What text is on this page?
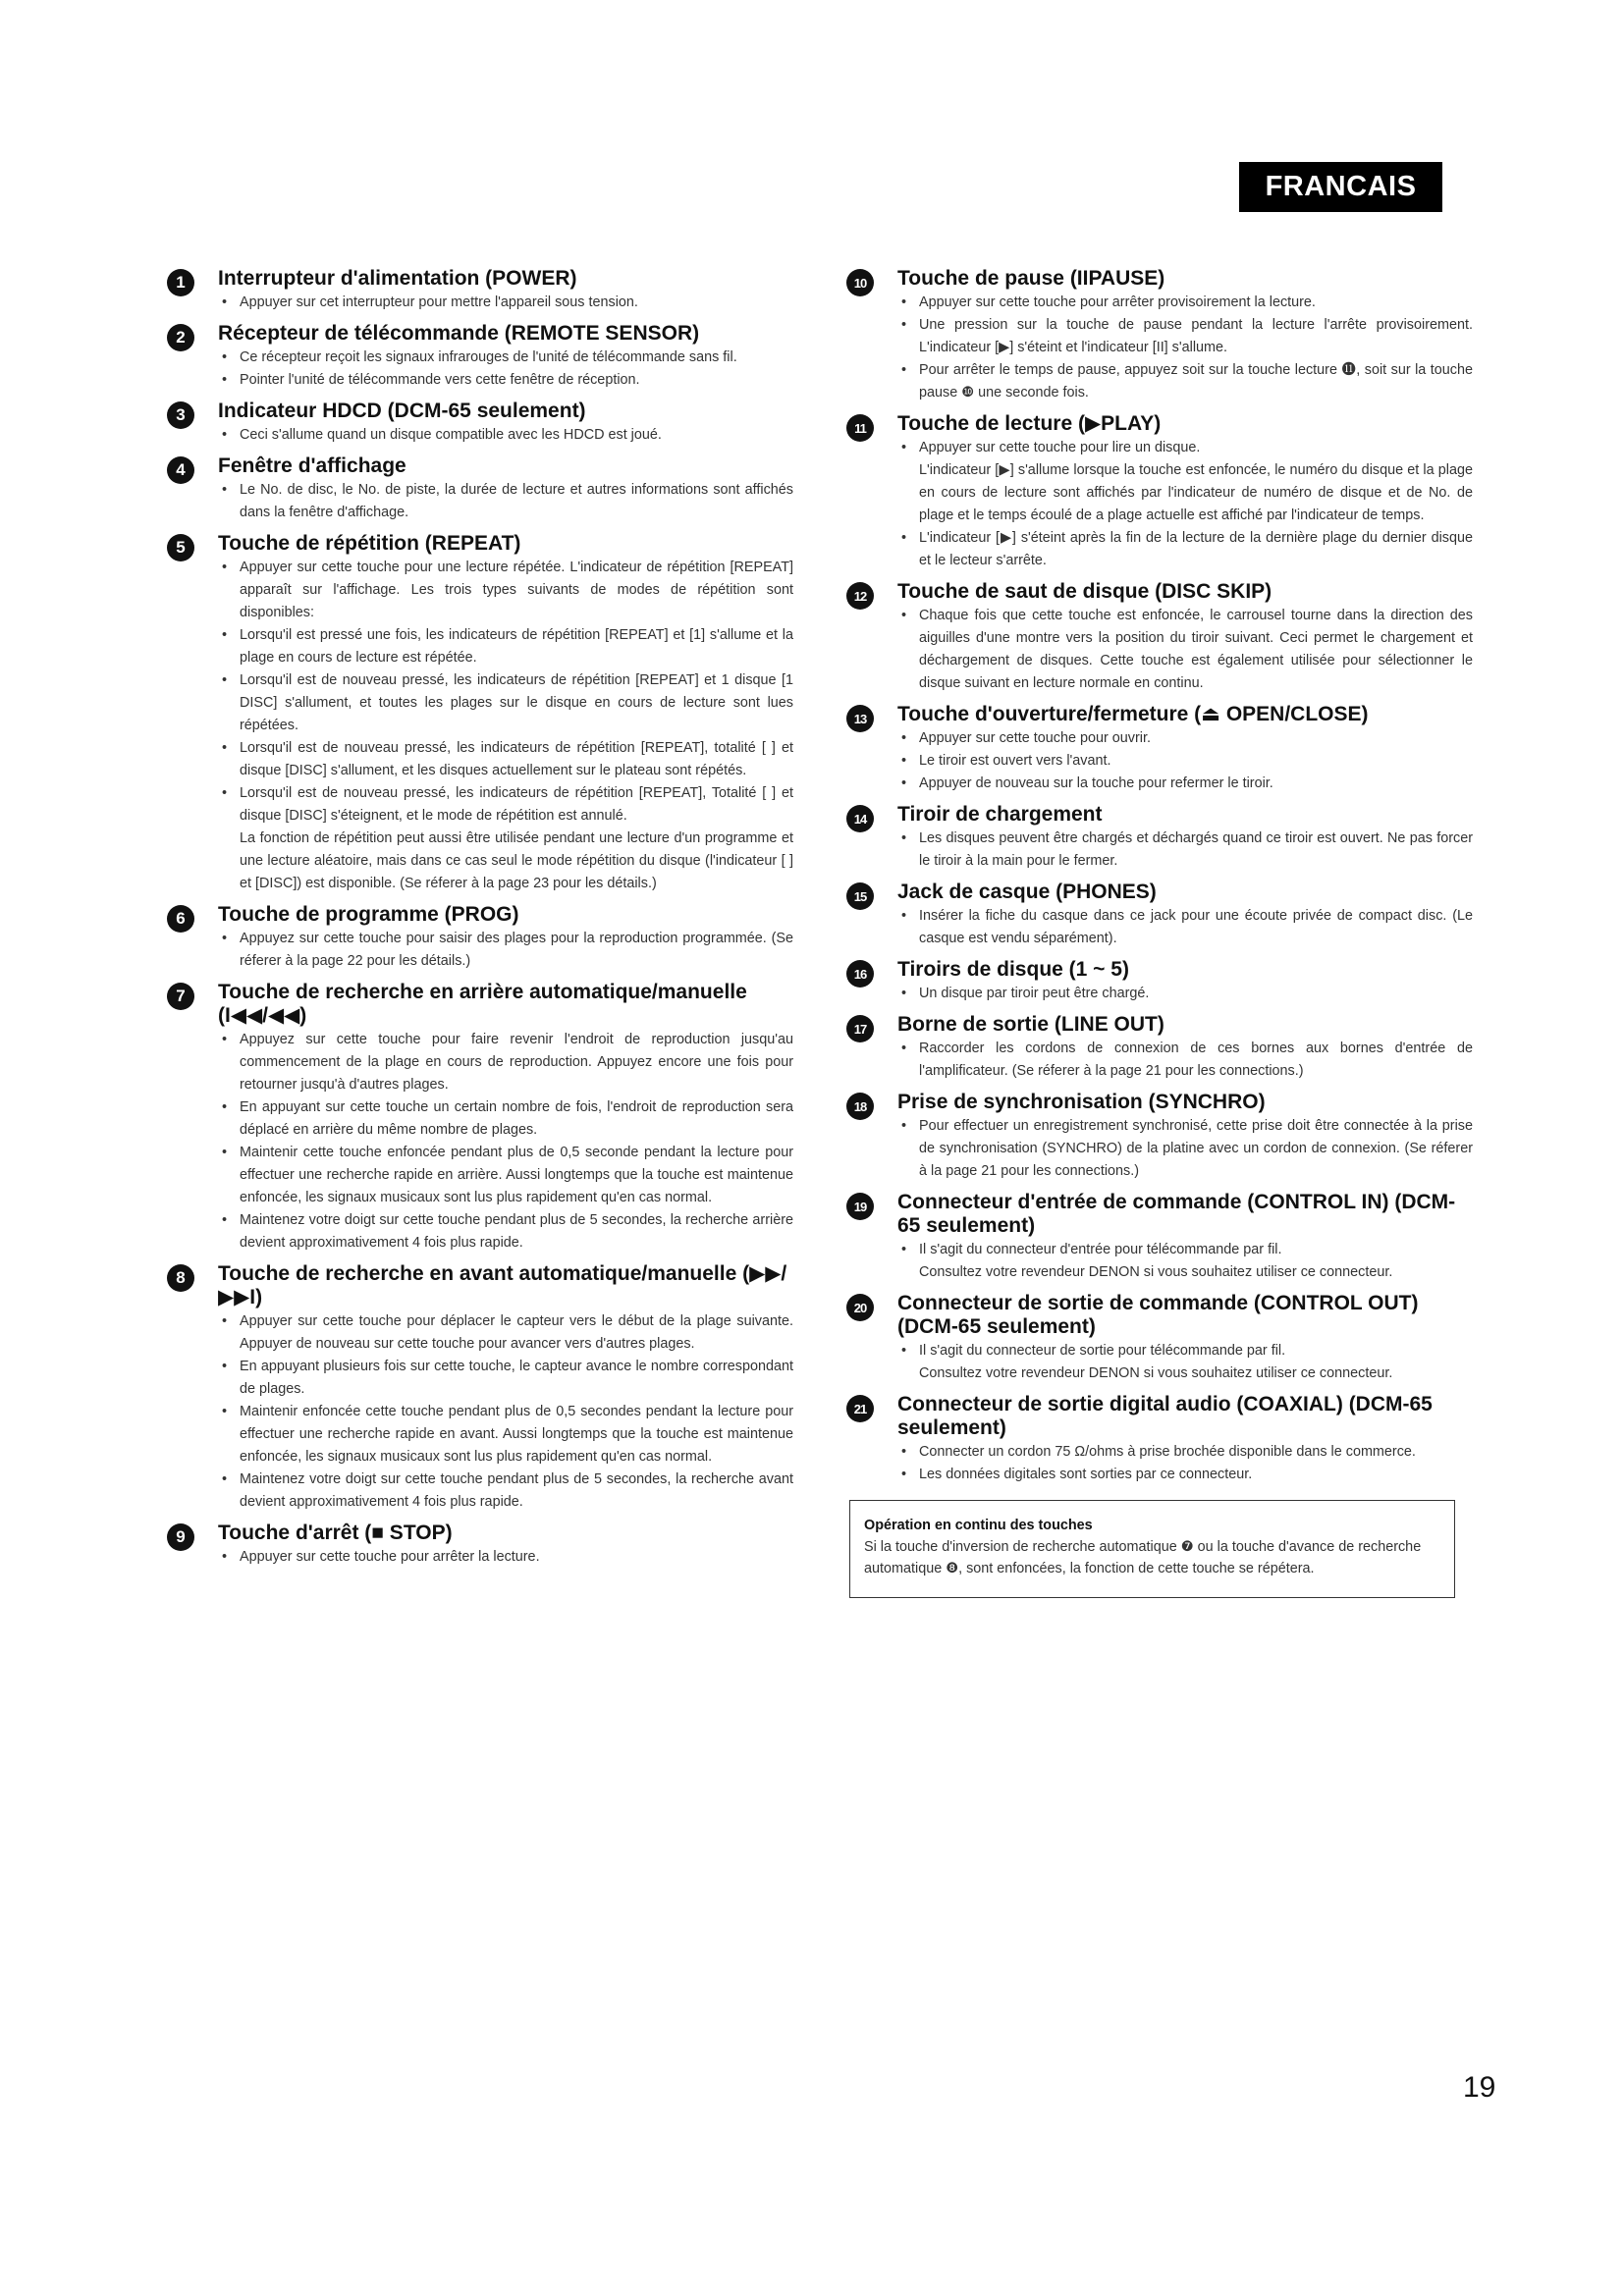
FRANCAIS
1	Interrupteur d'alimentation (POWER)
• Appuyer sur cet interrupteur pour mettre l'appareil sous tension.
2	Récepteur de télécommande (REMOTE SENSOR)
• Ce récepteur reçoit les signaux infrarouges de l'unité de télécommande sans fil.
• Pointer l'unité de télécommande vers cette fenêtre de réception.
3	Indicateur HDCD (DCM-65 seulement)
• Ceci s'allume quand un disque compatible avec les HDCD est joué.
4	Fenêtre d'affichage
• Le No. de disc, le No. de piste, la durée de lecture et autres informations sont affichés dans la fenêtre d'affichage.
5	Touche de répétition (REPEAT)
• Appuyer sur cette touche pour une lecture répétée. L'indicateur de répétition [REPEAT] apparaît sur l'affichage. Les trois types suivants de modes de répétition sont disponibles:
• Lorsqu'il est pressé une fois, les indicateurs de répétition [REPEAT] et [1] s'allume et la plage en cours de lecture est répétée.
• Lorsqu'il est de nouveau pressé, les indicateurs de répétition [REPEAT] et 1 disque [1 DISC] s'allument, et toutes les plages sur le disque en cours de lecture sont lues répétées.
• Lorsqu'il est de nouveau pressé, les indicateurs de répétition [REPEAT], totalité [ ] et disque [DISC] s'allument, et les disques actuellement sur le plateau sont répétés.
• Lorsqu'il est de nouveau pressé, les indicateurs de répétition [REPEAT], Totalité [ ] et disque [DISC] s'éteignent, et le mode de répétition est annulé.

La fonction de répétition peut aussi être utilisée pendant une lecture d'un programme et une lecture aléatoire, mais dans ce cas seul le mode répétition du disque (l'indicateur [ ] et [DISC]) est disponible. (Se réferer à la page 23 pour les détails.)

6	Touche de programme (PROG)
• Appuyez sur cette touche pour saisir des plages pour la reproduction programmée. (Se réferer à la page 22 pour les détails.)
7	Touche de recherche en arrière automatique/manuelle (I◀◀/◀◀)
• Appuyez sur cette touche pour faire revenir l'endroit de reproduction jusqu'au commencement de la plage en cours de reproduction. Appuyez encore une fois pour retourner jusqu'à d'autres plages.
• En appuyant sur cette touche un certain nombre de fois, l'endroit de reproduction sera déplacé en arrière du même nombre de plages.
• Maintenir cette touche enfoncée pendant plus de 0,5 seconde pendant la lecture pour effectuer une recherche rapide en arrière. Aussi longtemps que la touche est maintenue enfoncée, les signaux musicaux sont lus plus rapidement qu'en cas normal.
• Maintenez votre doigt sur cette touche pendant plus de 5 secondes, la recherche arrière devient approximativement 4 fois plus rapide.
8	Touche de recherche en avant automatique/manuelle (▶▶/▶▶I)
• Appuyer sur cette touche pour déplacer le capteur vers le début de la plage suivante. Appuyer de nouveau sur cette touche pour avancer vers d'autres plages.
• En appuyant plusieurs fois sur cette touche, le capteur avance le nombre correspondant de plages.
• Maintenir enfoncée cette touche pendant plus de 0,5 secondes pendant la lecture pour effectuer une recherche rapide en avant. Aussi longtemps que la touche est maintenue enfoncée, les signaux musicaux sont lus plus rapidement qu'en cas normal.
• Maintenez votre doigt sur cette touche pendant plus de 5 secondes, la recherche avant devient approximativement 4 fois plus rapide.
9	Touche d'arrêt (■ STOP)
• Appuyer sur cette touche pour arrêter la lecture.
10	Touche de pause (IIPAUSE)
• Appuyer sur cette touche pour arrêter provisoirement la lecture.
• Une pression sur la touche de pause pendant la lecture l'arrête provisoirement. L'indicateur [▶] s'éteint et l'indicateur [II] s'allume.
• Pour arrêter le temps de pause, appuyez soit sur la touche lecture ⓫, soit sur la touche pause ❿ une seconde fois.
11	Touche de lecture (▶PLAY)
• Appuyer sur cette touche pour lire un disque.

L'indicateur [▶] s'allume lorsque la touche est enfoncée, le numéro du disque et la plage en cours de lecture sont affichés par l'indicateur de numéro de disque et de No. de plage et le temps écoulé de a plage actuelle est affiché par l'indicateur de temps.

• L'indicateur [▶] s'éteint après la fin de la lecture de la dernière plage du dernier disque et le lecteur s'arrête.
12	Touche de saut de disque (DISC SKIP)
• Chaque fois que cette touche est enfoncée, le carrousel tourne dans la direction des aiguilles d'une montre vers la position du tiroir suivant. Ceci permet le chargement et déchargement de disques. Cette touche est également utilisée pour sélectionner le disque suivant en lecture normale en continu.
13	Touche d'ouverture/fermeture (⏏ OPEN/CLOSE)
• Appuyer sur cette touche pour ouvrir.
• Le tiroir est ouvert vers l'avant.
• Appuyer de nouveau sur la touche pour refermer le tiroir.
14	Tiroir de chargement
• Les disques peuvent être chargés et déchargés quand ce tiroir est ouvert. Ne pas forcer le tiroir à la main pour le fermer.
15	Jack de casque (PHONES)
• Insérer la fiche du casque dans ce jack pour une écoute privée de compact disc. (Le casque est vendu séparément).
16	Tiroirs de disque (1 ~ 5)
• Un disque par tiroir peut être chargé.
17	Borne de sortie (LINE OUT)
• Raccorder les cordons de connexion de ces bornes aux bornes d'entrée de l'amplificateur. (Se réferer à la page 21 pour les connections.)
18	Prise de synchronisation (SYNCHRO)
• Pour effectuer un enregistrement synchronisé, cette prise doit être connectée à la prise de synchronisation (SYNCHRO) de la platine avec un cordon de connexion. (Se réferer à la page 21 pour les connections.)
19	Connecteur d'entrée de commande (CONTROL IN) (DCM-65 seulement)
• Il s'agit du connecteur d'entrée pour télécommande par fil.

Consultez votre revendeur DENON si vous souhaitez utiliser ce connecteur.

20	Connecteur de sortie de commande (CONTROL OUT) (DCM-65 seulement)
• Il s'agit du connecteur de sortie pour télécommande par fil.

Consultez votre revendeur DENON si vous souhaitez utiliser ce connecteur.

21	Connecteur de sortie digital audio (COAXIAL) (DCM-65 seulement)
• Connecter un cordon 75 Ω/ohms à prise brochée disponible dans le commerce.
• Les données digitales sont sorties par ce connecteur.
Opération en continu des touches
Si la touche d'inversion de recherche automatique ❼ ou la touche d'avance de recherche automatique ❽, sont enfoncées, la fonction de cette touche se répétera.
19
